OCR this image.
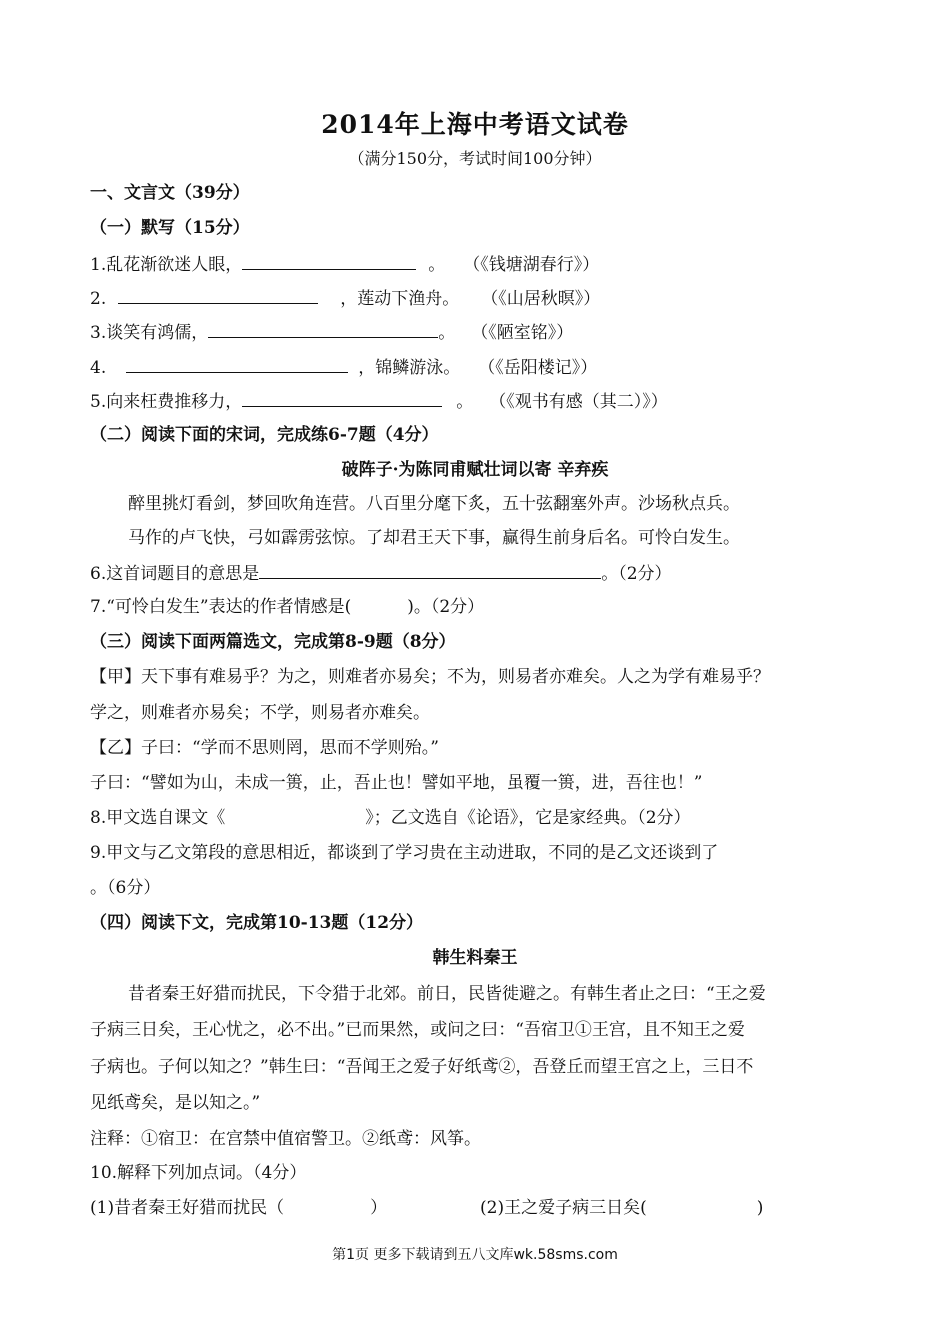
2014年上海中考语文试卷
（满分150分，考试时间100分钟）
一、文言文（39分）
（一）默写（15分）
1.乱花渐欲迷人眼，	。 （《钱塘湖春行》）
2.	，莲动下渔舟。 （《山居秋暝》）
3.谈笑有鸿儒，	。 （《陋室铭》）
4.	，锦鳞游泳。 （《岳阳楼记》）
5.向来枉费推移力，	。 （《观书有感（其二）》）
（二）阅读下面的宋词，完成练6-7题（4分）
破阵子·为陈同甫赋壮词以寄 辛弃疾
醉里挑灯看剑，梦回吹角连营。八百里分麾下炙，五十弦翻塞外声。沙场秋点兵。
马作的卢飞快，弓如霹雳弦惊。了却君王天下事，赢得生前身后名。可怜白发生。
6.这首词题目的意思是	。（2分）
7.“可怜白发生”表达的作者情感是(	)。（2分）
（三）阅读下面两篇选文，完成第8-9题（8分）
【甲】天下事有难易乎？为之，则难者亦易矣；不为，则易者亦难矣。人之为学有难易乎？
学之，则难者亦易矣；不学，则易者亦难矣。
【乙】子曰：“学而不思则罔，思而不学则殆。”
子曰：“譬如为山，未成一篑，止，吾止也！譬如平地，虽覆一篑，进，吾往也！”
8.甲文选自课文《	》；乙文选自《论语》，它是家经典。（2分）
9.甲文与乙文第段的意思相近，都谈到了学习贵在主动进取，不同的是乙文还谈到了
。（6分）
（四）阅读下文，完成第10-13题（12分）
韩生料秦王
昔者秦王好猎而扰民，下令猎于北郊。前日，民皆徙避之。有韩生者止之曰：“王之爱
子病三日矣，王心忧之，必不出。”已而果然，或问之曰：“吾宿卫①王宫，且不知王之爱
子病也。子何以知之？”韩生曰：“吾闻王之爱子好纸鸢②，吾登丘而望王宫之上，三日不
见纸鸢矣，是以知之。”
注释：①宿卫：在宫禁中值宿警卫。②纸鸢：风筝。
10.解释下列加点词。（4分）
(1)昔者秦王好猎而扰民（	）	(2)王之爱子病三日矣(	)
第1页 更多下载请到五八文库wk.58sms.com
